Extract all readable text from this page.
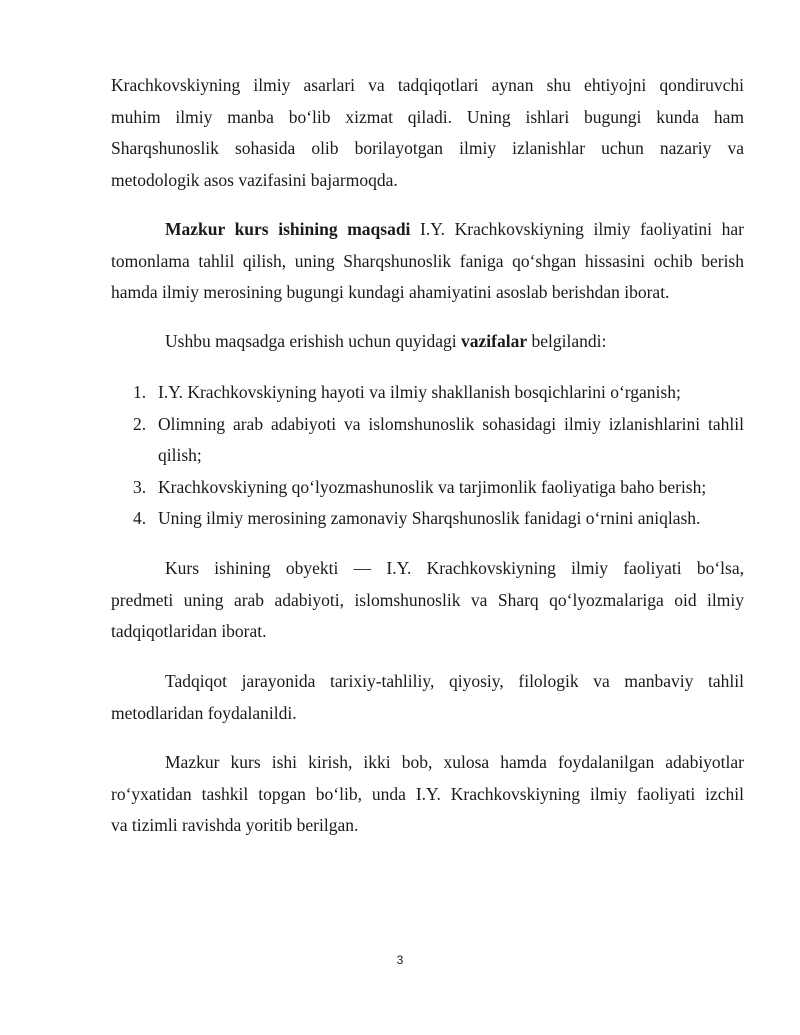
Krachkovskiyning ilmiy asarlari va tadqiqotlari aynan shu ehtiyojni qondiruvchi
muhim ilmiy manba bo‘lib xizmat qiladi. Uning ishlari bugungi kunda ham
Sharqshunoslik sohasida olib borilayotgan ilmiy izlanishlar uchun nazariy va
metodologik asos vazifasini bajarmoqda.
Mazkur kurs ishining maqsadi I.Y. Krachkovskiyning ilmiy faoliyatini har
tomonlama tahlil qilish, uning Sharqshunoslik faniga qo‘shgan hissasini ochib berish
hamda ilmiy merosining bugungi kundagi ahamiyatini asoslab berishdan iborat.
Ushbu maqsadga erishish uchun quyidagi vazifalar belgilandi:
1. I.Y. Krachkovskiyning hayoti va ilmiy shakllanish bosqichlarini o‘rganish;
2. Olimning arab adabiyoti va islomshunoslik sohasidagi ilmiy izlanishlarini tahlil
qilish;
3. Krachkovskiyning qo‘lyozmashunoslik va tarjimonlik faoliyatiga baho berish;
4. Uning ilmiy merosining zamonaviy Sharqshunoslik fanidagi o‘rnini aniqlash.
Kurs ishining obyekti — I.Y. Krachkovskiyning ilmiy faoliyati bo‘lsa,
predmeti uning arab adabiyoti, islomshunoslik va Sharq qo‘lyozmalariga oid ilmiy
tadqiqotlaridan iborat.
Tadqiqot jarayonida tarixiy-tahliliy, qiyosiy, filologik va manbaviy tahlil
metodlaridan foydalanildi.
Mazkur kurs ishi kirish, ikki bob, xulosa hamda foydalanilgan adabiyotlar
ro‘yxatidan tashkil topgan bo‘lib, unda I.Y. Krachkovskiyning ilmiy faoliyati izchil
va tizimli ravishda yoritib berilgan.
3
